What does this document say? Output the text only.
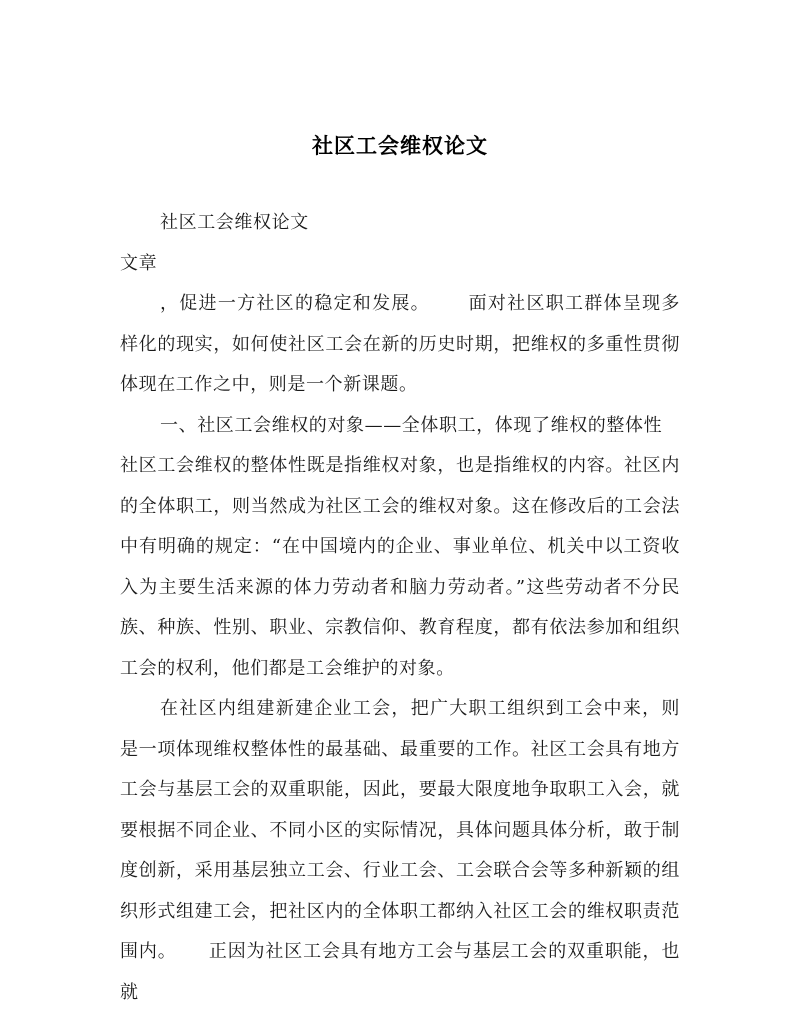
社区工会维权论文

社区工会维权论文

文章

，促进一方社区的稳定和发展。 面对社区职工群体呈现多样化的现实，如何使社区工会在新的历史时期，把维权的多重性贯彻体现在工作之中，则是一个新课题。

一、社区工会维权的对象——全体职工，体现了维权的整体性

社区工会维权的整体性既是指维权对象，也是指维权的内容。社区内的全体职工，则当然成为社区工会的维权对象。这在修改后的工会法中有明确的规定：“在中国境内的企业、事业单位、机关中以工资收入为主要生活来源的体力劳动者和脑力劳动者。”这些劳动者不分民族、种族、性别、职业、宗教信仰、教育程度，都有依法参加和组织工会的权利，他们都是工会维护的对象。

在社区内组建新建企业工会，把广大职工组织到工会中来，则是一项体现维权整体性的最基础、最重要的工作。社区工会具有地方工会与基层工会的双重职能，因此，要最大限度地争取职工入会，就要根据不同企业、不同小区的实际情况，具体问题具体分析，敢于制度创新，采用基层独立工会、行业工会、工会联合会等多种新颖的组织形式组建工会，把社区内的全体职工都纳入社区工会的维权职责范围内。 正因为社区工会具有地方工会与基层工会的双重职能，也就
